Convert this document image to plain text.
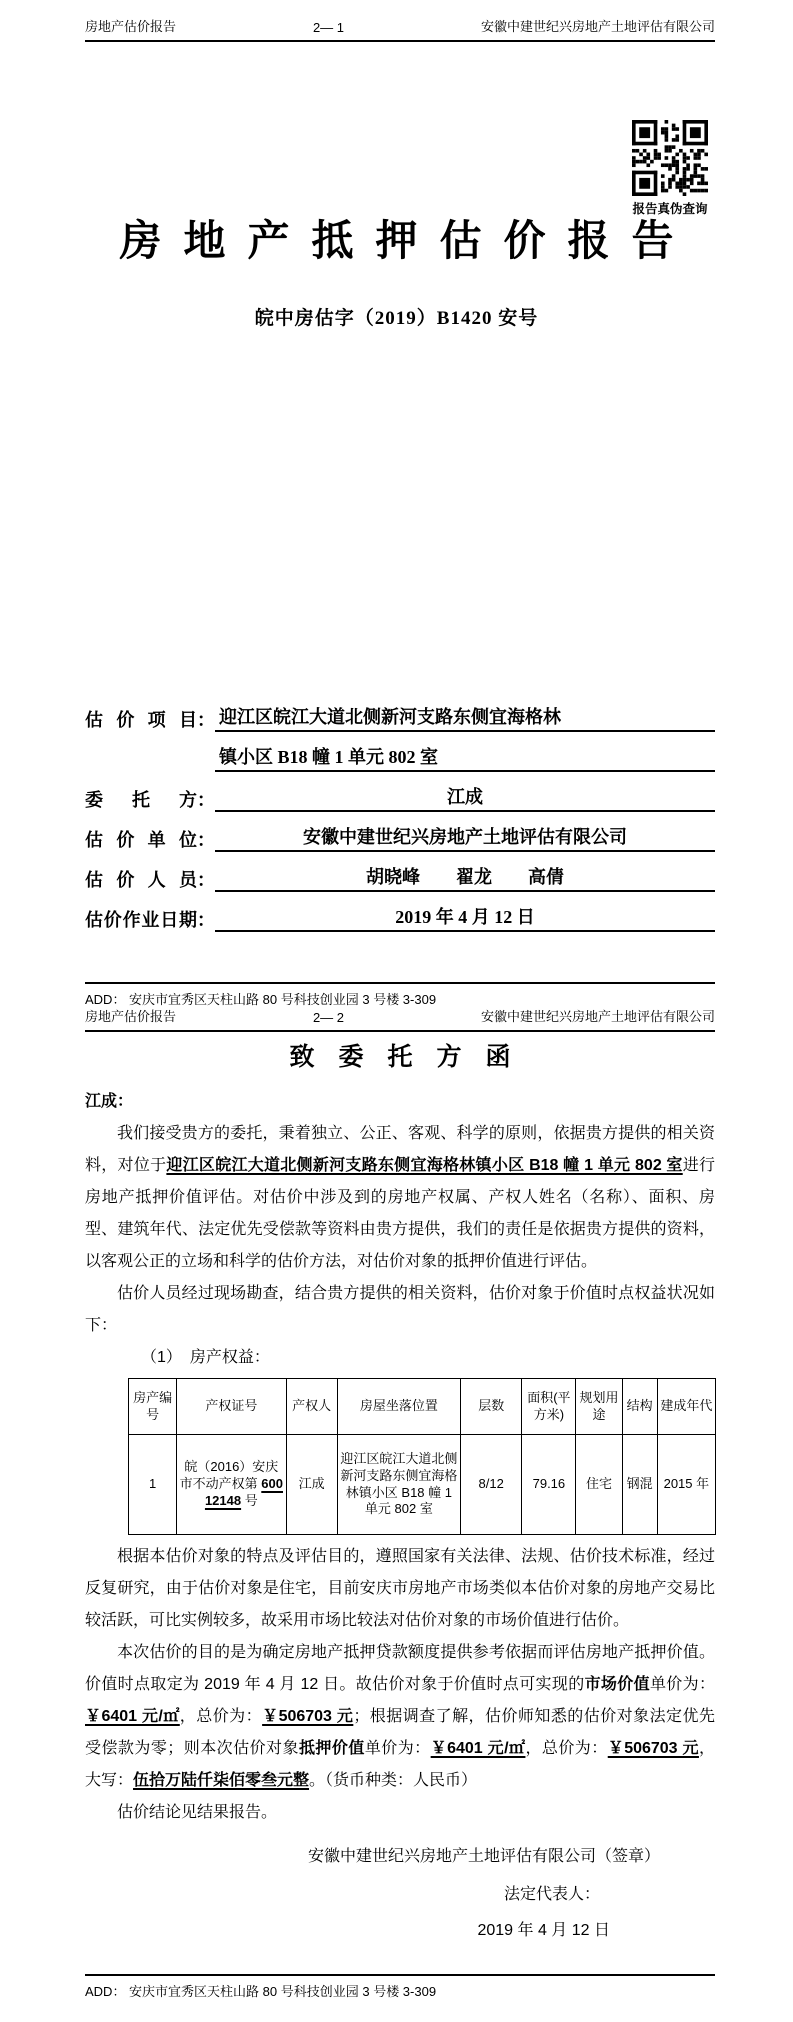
房地产估价报告	2— 1	安徽中建世纪兴房地产土地评估有限公司
报告真伪查询
房地产抵押估价报告
皖中房估字（2019）B1420 安号
估价项目 ： 迎江区皖江大道北侧新河支路东侧宜海格林
镇小区 B18 幢 1 单元 802 室
委托方 ：	江成
估价单位 ：	安徽中建世纪兴房地产土地评估有限公司
估价人员 ：	胡晓峰　　翟龙　　高倩
估价作业日期 ：	2019 年 4 月 12 日
ADD： 安庆市宜秀区天柱山路 80 号科技创业园 3 号楼 3-309
房地产估价报告	2— 2	安徽中建世纪兴房地产土地评估有限公司
致委托方函
江成：

我们接受贵方的委托，秉着独立、公正、客观、科学的原则，依据贵方提供的相关资料，对位于迎江区皖江大道北侧新河支路东侧宜海格林镇小区 B18 幢 1 单元 802 室进行房地产抵押价值评估。对估价中涉及到的房地产权属、产权人姓名（名称）、面积、房型、建筑年代、法定优先受偿款等资料由贵方提供，我们的责任是依据贵方提供的资料，以客观公正的立场和科学的估价方法，对估价对象的抵押价值进行评估。

估价人员经过现场勘查，结合贵方提供的相关资料，估价对象于价值时点权益状况如下：

（1）　房产权益：
房产编号	产权证号	产权人	房屋坐落位置	层数	面积(平方米)	规划用途	结构	建成年代
1	皖（2016）安庆市不动产权第 60012148 号	江成	迎江区皖江大道北侧新河支路东侧宜海格林镇小区 B18 幢 1 单元 802 室	8/12	79.16	住宅	钢混	2015 年

根据本估价对象的特点及评估目的，遵照国家有关法律、法规、估价技术标准，经过反复研究，由于估价对象是住宅，目前安庆市房地产市场类似本估价对象的房地产交易比较活跃，可比实例较多，故采用市场比较法对估价对象的市场价值进行估价。

本次估价的目的是为确定房地产抵押贷款额度提供参考依据而评估房地产抵押价值。价值时点取定为 2019 年 4 月 12 日。故估价对象于价值时点可实现的市场价值单价为：￥6401 元/㎡，总价为：￥506703 元；根据调查了解，估价师知悉的估价对象法定优先受偿款为零；则本次估价对象抵押价值单价为：￥6401 元/㎡，总价为：￥506703 元，大写：伍拾万陆仟柒佰零叁元整。（货币种类：人民币）

估价结论见结果报告。

安徽中建世纪兴房地产土地评估有限公司（签章）
法定代表人：
2019 年 4 月 12 日
ADD： 安庆市宜秀区天柱山路 80 号科技创业园 3 号楼 3-309
